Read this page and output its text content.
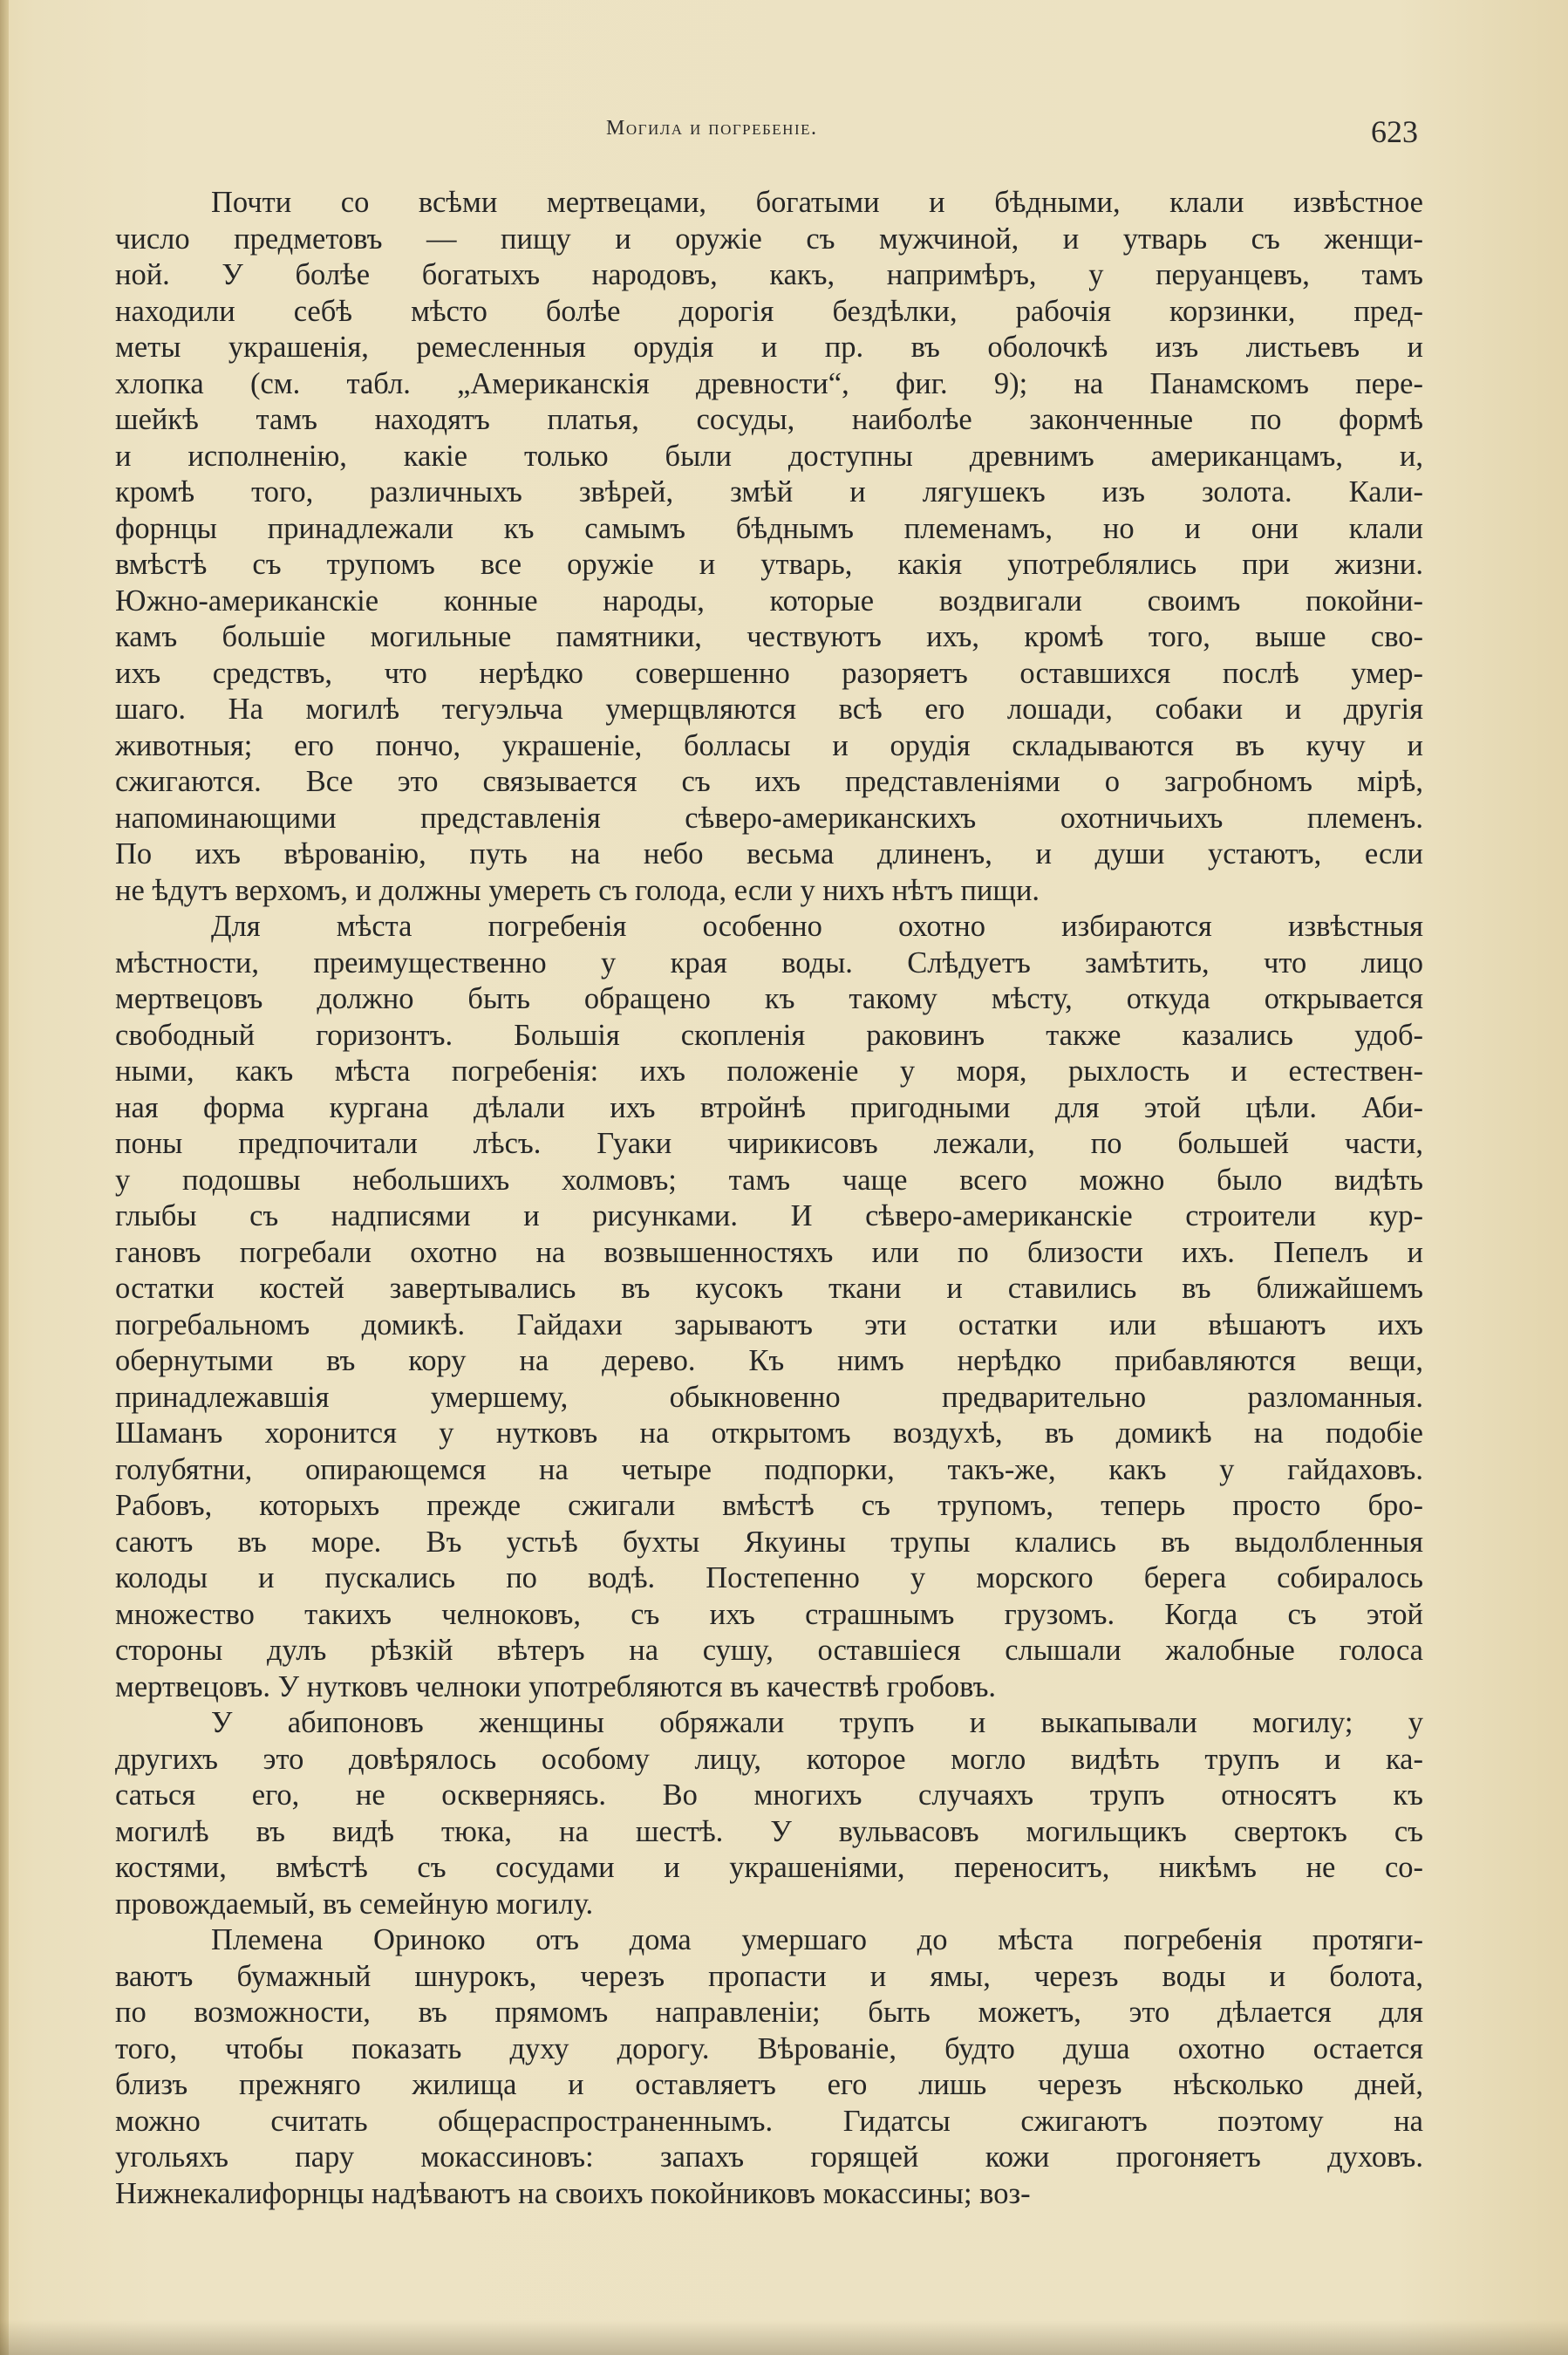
Могила и погребеніе.	623

Почти со всѣми мертвецами, богатыми и бѣдными, клали извѣстное
число предметовъ — пищу и оружіе съ мужчиной, и утварь съ женщи-
ной. У болѣе богатыхъ народовъ, какъ, напримѣръ, у перуанцевъ, тамъ
находили себѣ мѣсто болѣе дорогія бездѣлки, рабочія корзинки, пред-
меты украшенія, ремесленныя орудія и пр. въ оболочкѣ изъ листьевъ и
хлопка (см. табл. „Американскія древности“, фиг. 9); на Панамскомъ пере-
шейкѣ тамъ находятъ платья, сосуды, наиболѣе законченные по формѣ
и исполненію, какіе только были доступны древнимъ американцамъ, и,
кромѣ того, различныхъ звѣрей, змѣй и лягушекъ изъ золота. Кали-
форнцы принадлежали къ самымъ бѣднымъ племенамъ, но и они клали
вмѣстѣ съ трупомъ все оружіе и утварь, какія употреблялись при жизни.
Южно-американскіе конные народы, которые воздвигали своимъ покойни-
камъ большіе могильные памятники, чествуютъ ихъ, кромѣ того, выше сво-
ихъ средствъ, что нерѣдко совершенно разоряетъ оставшихся послѣ умер-
шаго. На могилѣ тегуэльча умерщвляются всѣ его лошади, собаки и другія
животныя; его пончо, украшеніе, болласы и орудія складываются въ кучу и
сжигаются. Все это связывается съ ихъ представленіями о загробномъ мірѣ,
напоминающими представленія сѣверо-американскихъ охотничьихъ племенъ.
По ихъ вѣрованію, путь на небо весьма длиненъ, и души устаютъ, если
не ѣдутъ верхомъ, и должны умереть съ голода, если у нихъ нѣтъ пищи.

Для мѣста погребенія особенно охотно избираются извѣстныя
мѣстности, преимущественно у края воды. Слѣдуетъ замѣтить, что лицо
мертвецовъ должно быть обращено къ такому мѣсту, откуда открывается
свободный горизонтъ. Большія скопленія раковинъ также казались удоб-
ными, какъ мѣста погребенія: ихъ положеніе у моря, рыхлость и естествен-
ная форма кургана дѣлали ихъ втройнѣ пригодными для этой цѣли. Аби-
поны предпочитали лѣсъ. Гуаки чирикисовъ лежали, по большей части,
у подошвы небольшихъ холмовъ; тамъ чаще всего можно было видѣть
глыбы съ надписями и рисунками. И сѣверо-американскіе строители кур-
гановъ погребали охотно на возвышенностяхъ или по близости ихъ. Пепелъ и
остатки костей завертывались въ кусокъ ткани и ставились въ ближайшемъ
погребальномъ домикѣ. Гайдахи зарываютъ эти остатки или вѣшаютъ ихъ
обернутыми въ кору на дерево. Къ нимъ нерѣдко прибавляются вещи,
принадлежавшія умершему, обыкновенно предварительно разломанныя.
Шаманъ хоронится у нутковъ на открытомъ воздухѣ, въ домикѣ на подобіе
голубятни, опирающемся на четыре подпорки, такъ-же, какъ у гайдаховъ.
Рабовъ, которыхъ прежде сжигали вмѣстѣ съ трупомъ, теперь просто бро-
саютъ въ море. Въ устьѣ бухты Якуины трупы клались въ выдолбленныя
колоды и пускались по водѣ. Постепенно у морского берега собиралось
множество такихъ челноковъ, съ ихъ страшнымъ грузомъ. Когда съ этой
стороны дулъ рѣзкій вѣтеръ на сушу, оставшіеся слышали жалобные голоса
мертвецовъ. У нутковъ челноки употребляются въ качествѣ гробовъ.

У абипоновъ женщины обряжали трупъ и выкапывали могилу; у
другихъ это довѣрялось особому лицу, которое могло видѣть трупъ и ка-
саться его, не оскверняясь. Во многихъ случаяхъ трупъ относятъ къ
могилѣ въ видѣ тюка, на шестѣ. У вульвасовъ могильщикъ свертокъ съ
костями, вмѣстѣ съ сосудами и украшеніями, переноситъ, никѣмъ не со-
провождаемый, въ семейную могилу.

Племена Ориноко отъ дома умершаго до мѣста погребенія протяги-
ваютъ бумажный шнурокъ, черезъ пропасти и ямы, черезъ воды и болота,
по возможности, въ прямомъ направленіи; быть можетъ, это дѣлается для
того, чтобы показать духу дорогу. Вѣрованіе, будто душа охотно остается
близъ прежняго жилища и оставляетъ его лишь черезъ нѣсколько дней,
можно считать общераспространеннымъ. Гидатсы сжигаютъ поэтому на
угольяхъ пару мокассиновъ: запахъ горящей кожи прогоняетъ духовъ.
Нижнекалифорнцы надѣваютъ на своихъ покойниковъ мокассины; воз-
